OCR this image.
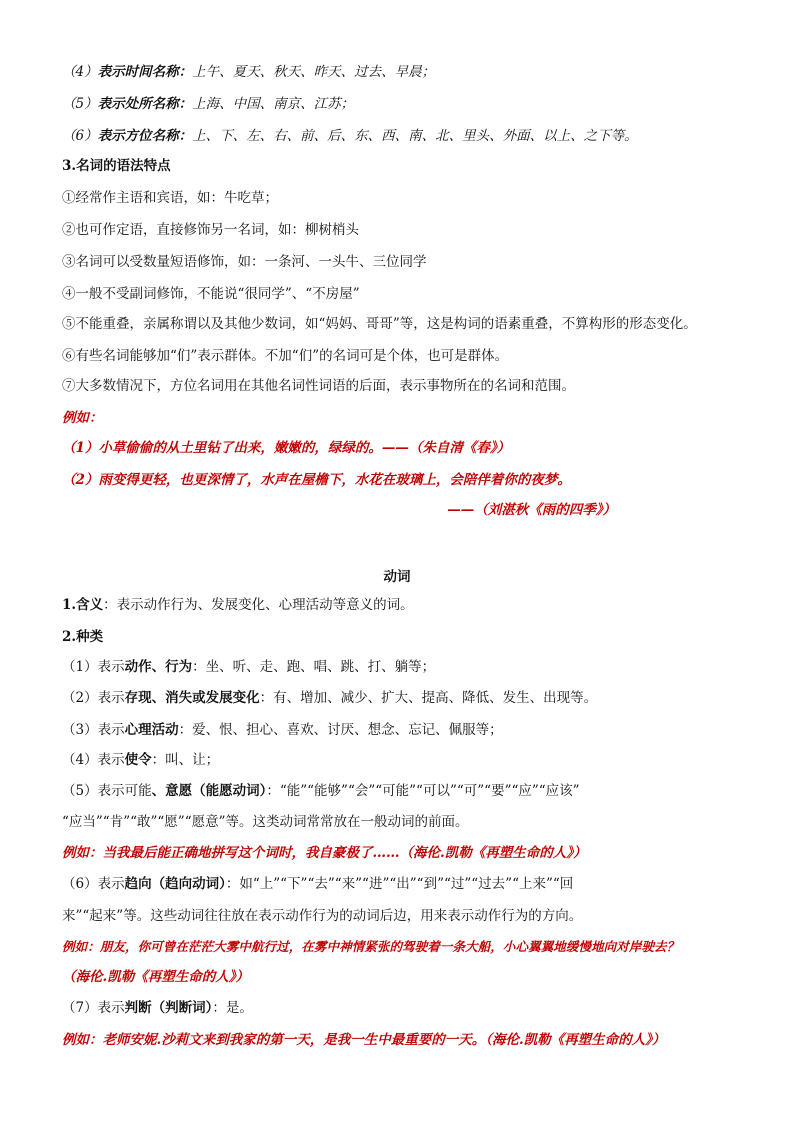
（4）表示时间名称：上午、夏天、秋天、昨天、过去、早晨；
（5）表示处所名称：上海、中国、南京、江苏；
（6）表示方位名称：上、下、左、右、前、后、东、西、南、北、里头、外面、以上、之下等。
3.名词的语法特点
①经常作主语和宾语，如：牛吃草；
②也可作定语，直接修饰另一名词，如：柳树梢头
③名词可以受数量短语修饰，如：一条河、一头牛、三位同学
④一般不受副词修饰，不能说“很同学”、“不房屋”
⑤不能重叠，亲属称谓以及其他少数词，如“妈妈、哥哥”等，这是构词的语素重叠，不算构形的形态变化。
⑥有些名词能够加“们”表示群体。不加“们”的名词可是个体，也可是群体。
⑦大多数情况下，方位名词用在其他名词性词语的后面，表示事物所在的名词和范围。
例如：
（1）小草偷偷的从土里钻了出来，嫩嫩的，绿绿的。——（朱自清《春》）
（2）雨变得更轻，也更深情了，水声在屋檐下，水花在玻璃上，会陪伴着你的夜梦。
——（刘湛秋《雨的四季》）
动词
1.含义：表示动作行为、发展变化、心理活动等意义的词。
2.种类
（1）表示动作、行为：坐、听、走、跑、唱、跳、打、躺等；
（2）表示存现、消失或发展变化：有、增加、减少、扩大、提高、降低、发生、出现等。
（3）表示心理活动：爱、恨、担心、喜欢、讨厌、想念、忘记、佩服等；
（4）表示使令：叫、让；
（5）表示可能、意愿（能愿动词）：“能”“能够”“会”“可能”“可以”“可”“要”“应”“应该”
“应当”“肯”“敢”“愿”“愿意”等。这类动词常常放在一般动词的前面。
例如：当我最后能正确地拼写这个词时，我自豪极了……（海伦.凯勒《再塑生命的人》）
（6）表示趋向（趋向动词）：如“上”“下”“去”“来”“进”“出”“到”“过”“过去”“上来”“回
来”“起来”等。这些动词往往放在表示动作行为的动词后边，用来表示动作行为的方向。
例如：朋友，你可曾在茫茫大雾中航行过，在雾中神情紧张的驾驶着一条大船，小心翼翼地缓慢地向对岸驶去？
（海伦.凯勒《再塑生命的人》）
（7）表示判断（判断词）：是。
例如：老师安妮.沙莉文来到我家的第一天，是我一生中最重要的一天。（海伦.凯勒《再塑生命的人》）
